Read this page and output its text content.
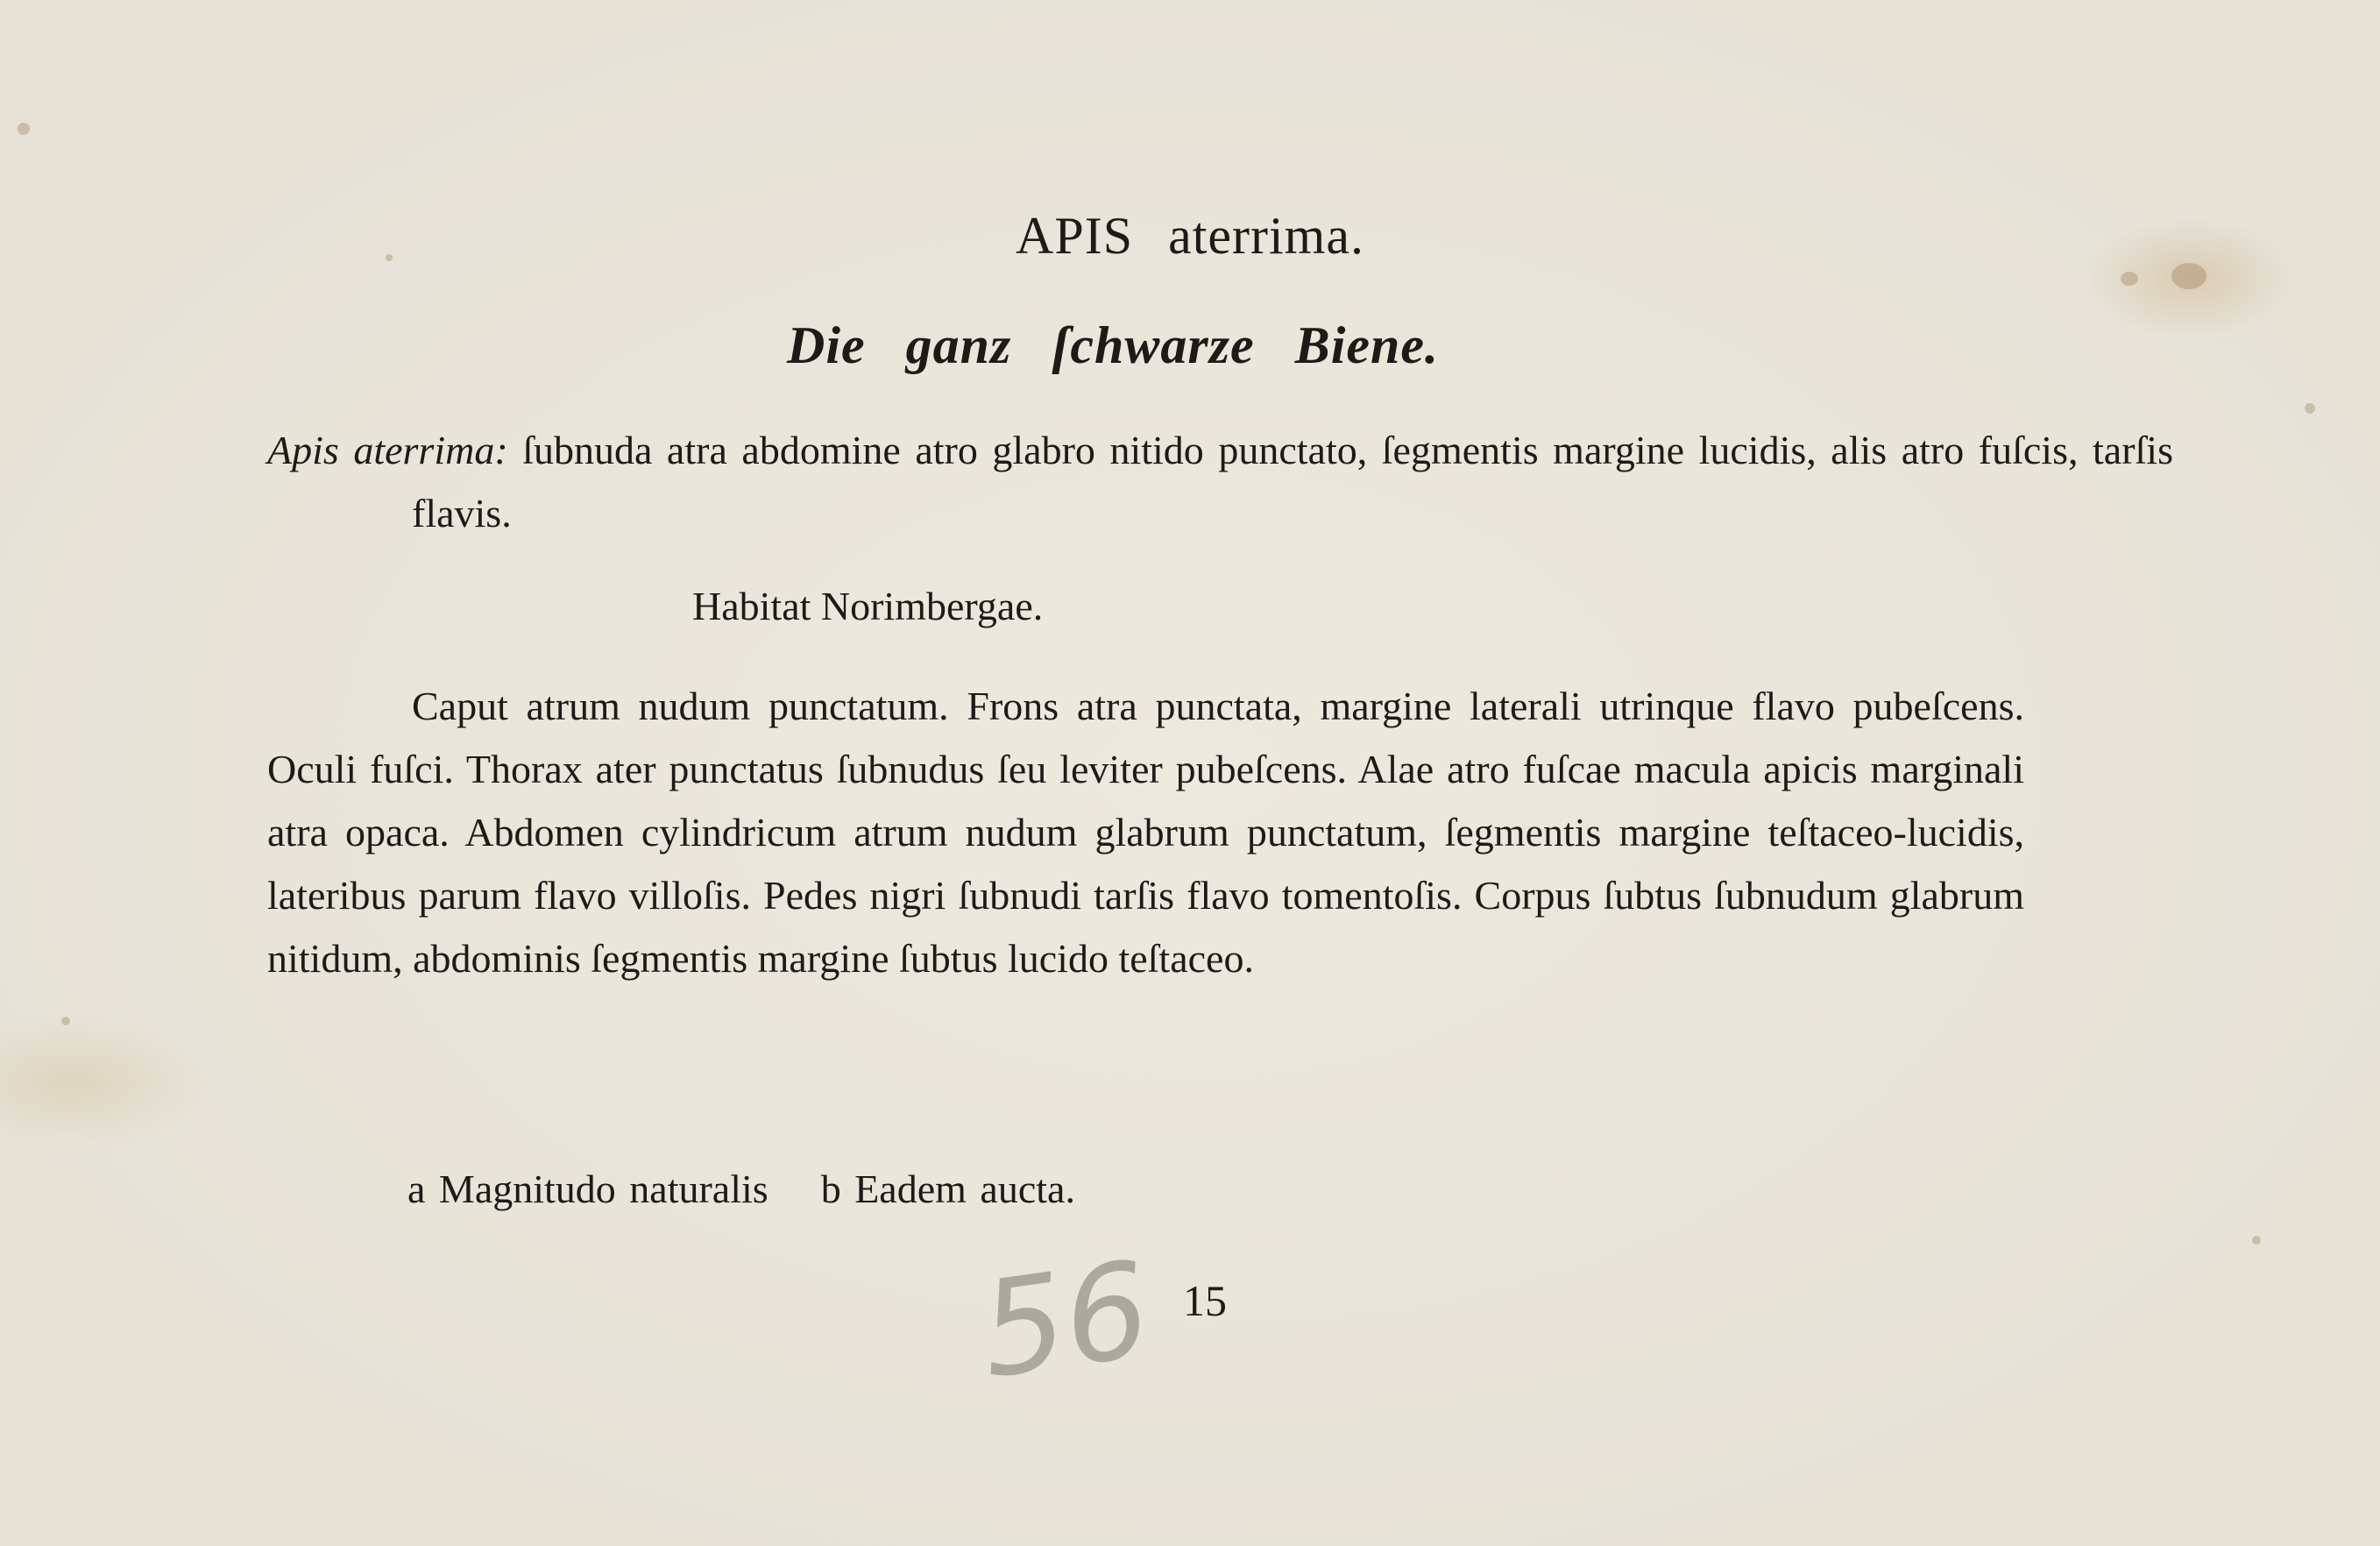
APIS aterrima.
Die ganz ſchwarze Biene.

Apis aterrima: ſubnuda atra abdomine atro glabro nitido punctato, ſegmentis margine lucidis, alis atro fuſcis, tarſis flavis.

Habitat Norimbergae.

Caput atrum nudum punctatum. Frons atra punctata, margine laterali utrinque flavo pubeſcens. Oculi fuſci. Thorax ater punctatus ſubnudus ſeu leviter pubeſcens. Alae atro fuſcae macula apicis marginali atra opaca. Abdomen cylindricum atrum nudum glabrum punctatum, ſegmentis margine teſtaceo-lucidis, lateribus parum flavo villoſis. Pedes nigri ſubnudi tarſis flavo tomentoſis. Corpus ſubtus ſubnudum glabrum nitidum, abdominis ſegmentis margine ſubtus lucido teſtaceo.

a Magnitudo naturalis b Eadem aucta.

56 15
